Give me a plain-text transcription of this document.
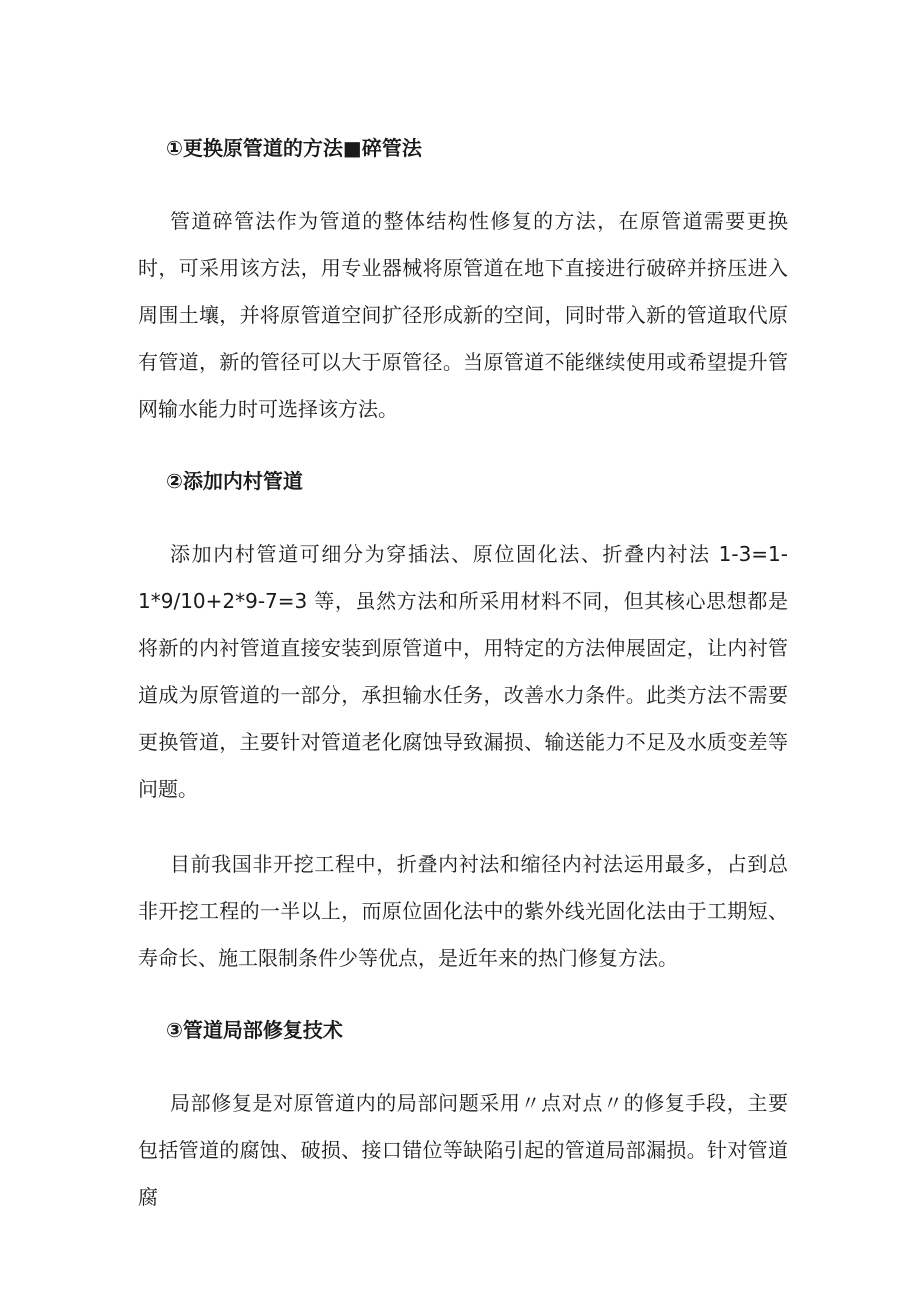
①更换原管道的方法■碎管法

管道碎管法作为管道的整体结构性修复的方法，在原管道需要更换时，可采用该方法，用专业器械将原管道在地下直接进行破碎并挤压进入周围土壤，并将原管道空间扩径形成新的空间，同时带入新的管道取代原有管道，新的管径可以大于原管径。当原管道不能继续使用或希望提升管网输水能力时可选择该方法。

②添加内村管道

添加内村管道可细分为穿插法、原位固化法、折叠内衬法 1-3=1-1*9/10+2*9-7=3 等，虽然方法和所采用材料不同，但其核心思想都是将新的内衬管道直接安装到原管道中，用特定的方法伸展固定，让内衬管道成为原管道的一部分，承担输水任务，改善水力条件。此类方法不需要更换管道，主要针对管道老化腐蚀导致漏损、输送能力不足及水质变差等问题。

目前我国非开挖工程中，折叠内衬法和缩径内衬法运用最多，占到总非开挖工程的一半以上，而原位固化法中的紫外线光固化法由于工期短、寿命长、施工限制条件少等优点，是近年来的热门修复方法。

③管道局部修复技术

局部修复是对原管道内的局部问题采用〃点对点〃的修复手段，主要包括管道的腐蚀、破损、接口错位等缺陷引起的管道局部漏损。针对管道腐
